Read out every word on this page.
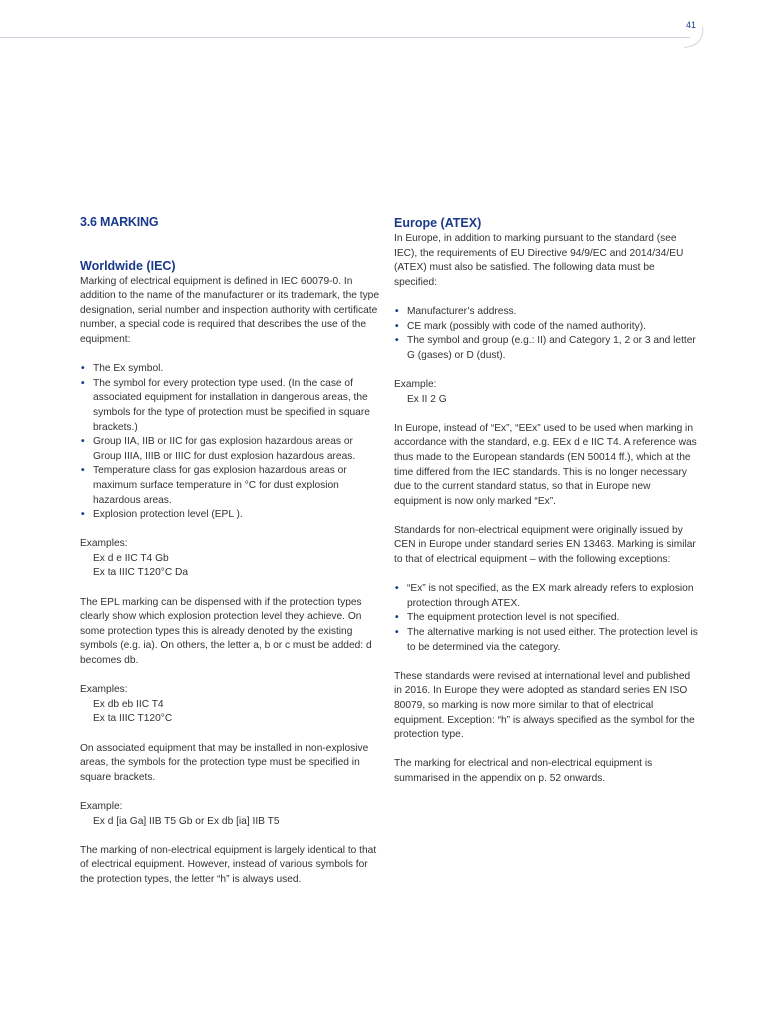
41
3.6 MARKING
Worldwide (IEC)

Marking of electrical equipment is defined in IEC 60079-0. In addition to the name of the manufacturer or its trademark, the type designation, serial number and inspection authority with certificate number, a special code is required that describes the use of the equipment:

• The Ex symbol.
• The symbol for every protection type used. (In the case of associated equipment for installation in dangerous areas, the symbols for the type of protection must be specified in square brackets.)
• Group IIA, IIB or IIC for gas explosion hazardous areas or Group IIIA, IIIB or IIIC for dust explosion hazardous areas.
• Temperature class for gas explosion hazardous areas or maximum surface temperature in °C for dust explosion hazardous areas.
• Explosion protection level (EPL ).
Examples:
Ex d e IIC T4 Gb
Ex ta IIIC T120°C Da

The EPL marking can be dispensed with if the protection types clearly show which explosion protection level they achieve. On some protection types this is already denoted by the existing symbols (e.g. ia). On others, the letter a, b or c must be added: d becomes db.

Examples:
Ex db eb IIC T4
Ex ta IIIC T120°C

On associated equipment that may be installed in non-explosive areas, the symbols for the protection type must be specified in square brackets.

Example:
Ex d [ia Ga] IIB T5 Gb or Ex db [ia] IIB T5

The marking of non-electrical equipment is largely identical to that of electrical equipment. However, instead of various symbols for the protection types, the letter “h” is always used.

Europe (ATEX)

In Europe, in addition to marking pursuant to the standard (see IEC), the requirements of EU Directive 94/9/EC and 2014/34/EU (ATEX) must also be satisfied. The following data must be specified:

• Manufacturer’s address.
• CE mark (possibly with code of the named authority).
• The symbol and group (e.g.: II) and Category 1, 2 or 3 and letter G (gases) or D (dust).
Example:
Ex II 2 G

In Europe, instead of “Ex”, “EEx” used to be used when marking in accordance with the standard, e.g. EEx d e IIC T4. A reference was thus made to the European standards (EN 50014 ff.), which at the time differed from the IEC standards. This is no longer necessary due to the current standard status, so that in Europe new equipment is now only marked “Ex”.

Standards for non-electrical equipment were originally issued by CEN in Europe under standard series EN 13463. Marking is similar to that of electrical equipment – with the following exceptions:

• “Ex” is not specified, as the EX mark already refers to explosion protection through ATEX.
• The equipment protection level is not specified.
• The alternative marking is not used either. The protection level is to be determined via the category.

These standards were revised at international level and published in 2016. In Europe they were adopted as standard series EN ISO 80079, so marking is now more similar to that of electrical equipment. Exception: “h” is always specified as the symbol for the protection type.

The marking for electrical and non-electrical equipment is summarised in the appendix on p. 52 onwards.
